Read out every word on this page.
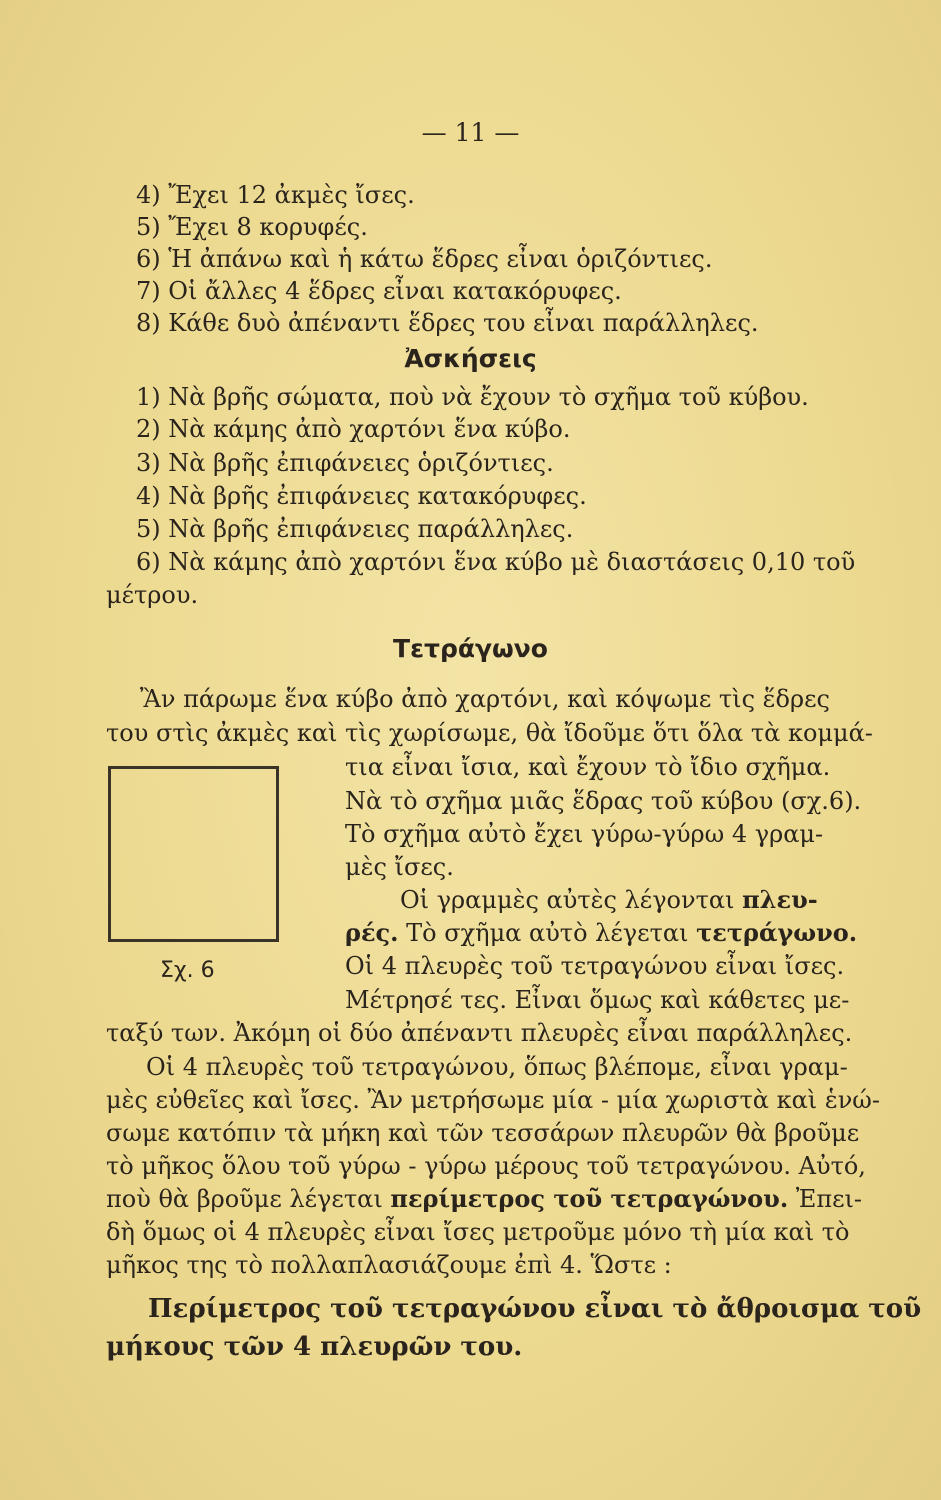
— 11 —
4) Ἔχει 12 ἀκμὲς ἴσες.
5) Ἔχει 8 κορυφές.
6) Ἡ ἀπάνω καὶ ἡ κάτω ἕδρες εἶναι ὁριζόντιες.
7) Οἱ ἄλλες 4 ἕδρες εἶναι κατακόρυφες.
8) Κάθε δυὸ ἀπέναντι ἕδρες του εἶναι παράλληλες.
Ἀσκήσεις
1) Νὰ βρῆς σώματα, ποὺ νὰ ἔχουν τὸ σχῆμα τοῦ κύβου.
2) Νὰ κάμης ἀπὸ χαρτόνι ἕνα κύβο.
3) Νὰ βρῆς ἐπιφάνειες ὁριζόντιες.
4) Νὰ βρῆς ἐπιφάνειες κατακόρυφες.
5) Νὰ βρῆς ἐπιφάνειες παράλληλες.
6) Νὰ κάμης ἀπὸ χαρτόνι ἕνα κύβο μὲ διαστάσεις 0,10 τοῦ
μέτρου.
Τετράγωνο
Ἂν πάρωμε ἕνα κύβο ἀπὸ χαρτόνι, καὶ κόψωμε τὶς ἕδρες
του στὶς ἀκμὲς καὶ τὶς χωρίσωμε, θὰ ἴδοῦμε ὅτι ὅλα τὰ κομμά-
τια εἶναι ἴσια, καὶ ἔχουν τὸ ἴδιο σχῆμα.
Νὰ τὸ σχῆμα μιᾶς ἕδρας τοῦ κύβου (σχ.6).
Τὸ σχῆμα αὐτὸ ἔχει γύρω-γύρω 4 γραμ-
μὲς ἴσες.
Σχ. 6
Οἱ γραμμὲς αὐτὲς λέγονται πλευ-
ρές. Τὸ σχῆμα αὐτὸ λέγεται τετράγωνο.
Οἱ 4 πλευρὲς τοῦ τετραγώνου εἶναι ἴσες.
Μέτρησέ τες. Εἶναι ὅμως καὶ κάθετες με-
ταξύ των. Ἀκόμη οἱ δύο ἀπέναντι πλευρὲς εἶναι παράλληλες.
Οἱ 4 πλευρὲς τοῦ τετραγώνου, ὅπως βλέπομε, εἶναι γραμ-
μὲς εὐθεῖες καὶ ἴσες. Ἂν μετρήσωμε μία - μία χωριστὰ καὶ ἑνώ-
σωμε κατόπιν τὰ μήκη καὶ τῶν τεσσάρων πλευρῶν θὰ βροῦμε
τὸ μῆκος ὅλου τοῦ γύρω - γύρω μέρους τοῦ τετραγώνου. Αὐτό,
ποὺ θὰ βροῦμε λέγεται περίμετρος τοῦ τετραγώνου. Ἐπει-
δὴ ὅμως οἱ 4 πλευρὲς εἶναι ἴσες μετροῦμε μόνο τὴ μία καὶ τὸ
μῆκος της τὸ πολλαπλασιάζουμε ἐπὶ 4. Ὥστε :
Περίμετρος τοῦ τετραγώνου εἶναι τὸ ἄθροισμα τοῦ
μήκους τῶν 4 πλευρῶν του.
